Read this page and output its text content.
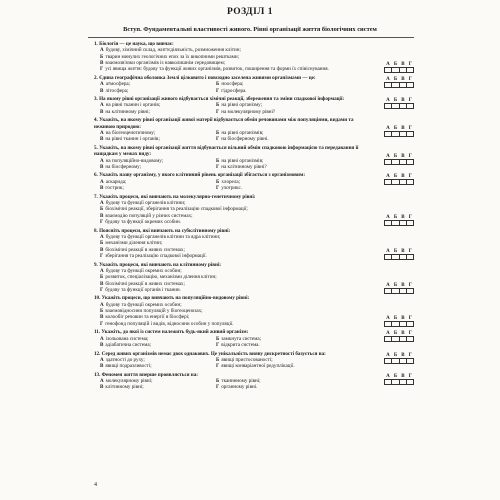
РОЗДІЛ 1
Вступ. Фундаментальні властивості живого. Рівні організації життя біологічних систем
1. Біологія — це наука, що вивчає:
А будову, хімічний склад, життєдіяльність, розмноження клітин;
Б тварин минулих геологічних епох за їх викопними рештками;
В взаємозв'язки організмів із навколишнім середовищем;
Г усі явища життя: будову та функції живих організмів, розвиток, поширення та форми їх співіснування.
А Б В Г
2. Єдина географічна оболонка Землі цілковито і повсюдно заселена живими організмами — це:
А атмосфера;	Б ноосфера;
В літосфера;	Г гідросфера.
А Б В Г
3. На якому рівні організації живого відбувається хімічні реакції, збереження та зміни спадкової інформації:
А на рівні тканин і органів;	Б на рівні організму;
В на клітинному рівні;	Г на молекулярному рівні?
А Б В Г
4. Укажіть, на якому рівні організації живої матерії відбувається обмін речовинами між популяціями, видами та неживою природою:
А на біогеоценотичному;	Б на рівні організмів;
В на рівні тканин і органів;	Г на біосферному рівні.
А Б В Г
5. Укажіть, на якому рівні організації життя відбувається вільний обмін спадковою інформацією та передавання її нащадкам у межах виду:
А на популяційно-видовому;	Б на рівні організмів;
В на біосферному;	Г на клітинному рівні?
А Б В Г
6. Укажіть назву організму, у якого клітинний рівень організації збігається з організмовим:
А аскарида;	Б хлорела;
В гострик;	Г улотрикс.
А Б В Г
7. Укажіть процеси, які вивчають на молекулярно-генетичному рівні:
А будову та функції органелів клітини;
Б біохімічні реакції, зберігання та реалізацію спадкової інформації;
В взаємодію популяцій у різних системах;
Г будову та функції окремих особин.
А Б В Г
8. Поясніть процеси, які вивчають на субклітинному рівні:
А будову та функції органелів клітини та ядра клітини;
Б механізми ділення клітин;
В біохімічні реакції в живих системах;
Г зберігання та реалізацію спадкової інформації.
А Б В Г
9. Укажіть процеси, які вивчають на клітинному рівні:
А будову та функції окремих особин;
Б розвиток, спеціалізацію, механізми ділення клітин;
В біохімічні реакції в живих системах;
Г будову та функції органів і тканин.
А Б В Г
10. Укажіть процеси, що вивчають на популяційно-видовому рівні:
А будову та функції окремих особин;
Б взаємовідносини популяцій у біогеоценозах;
В колообіг речовин та енергії в біосфері;
Г генофонд популяцій і видів, відносини особин у популяції.
А Б В Г
11. Укажіть, до якої із систем належить будь-який живий організм:
А ізольована система;	Б замкнута система;
В адіабатична система;	Г відкрита система.
А Б В Г
12. Серед живих організмів немає двох однакових. Це унікальність вияву дискретності базується на:
А здатності до руху;	Б явищі пристосованості;
В явищі подразливості;	Г явищі конваріантної редуплікації.
А Б В Г
13. Феномен життя вперше проявляється на:
А молекулярному рівні;	Б тканинному рівні;
В клітинному рівні;	Г органному рівні.
А Б В Г
4
